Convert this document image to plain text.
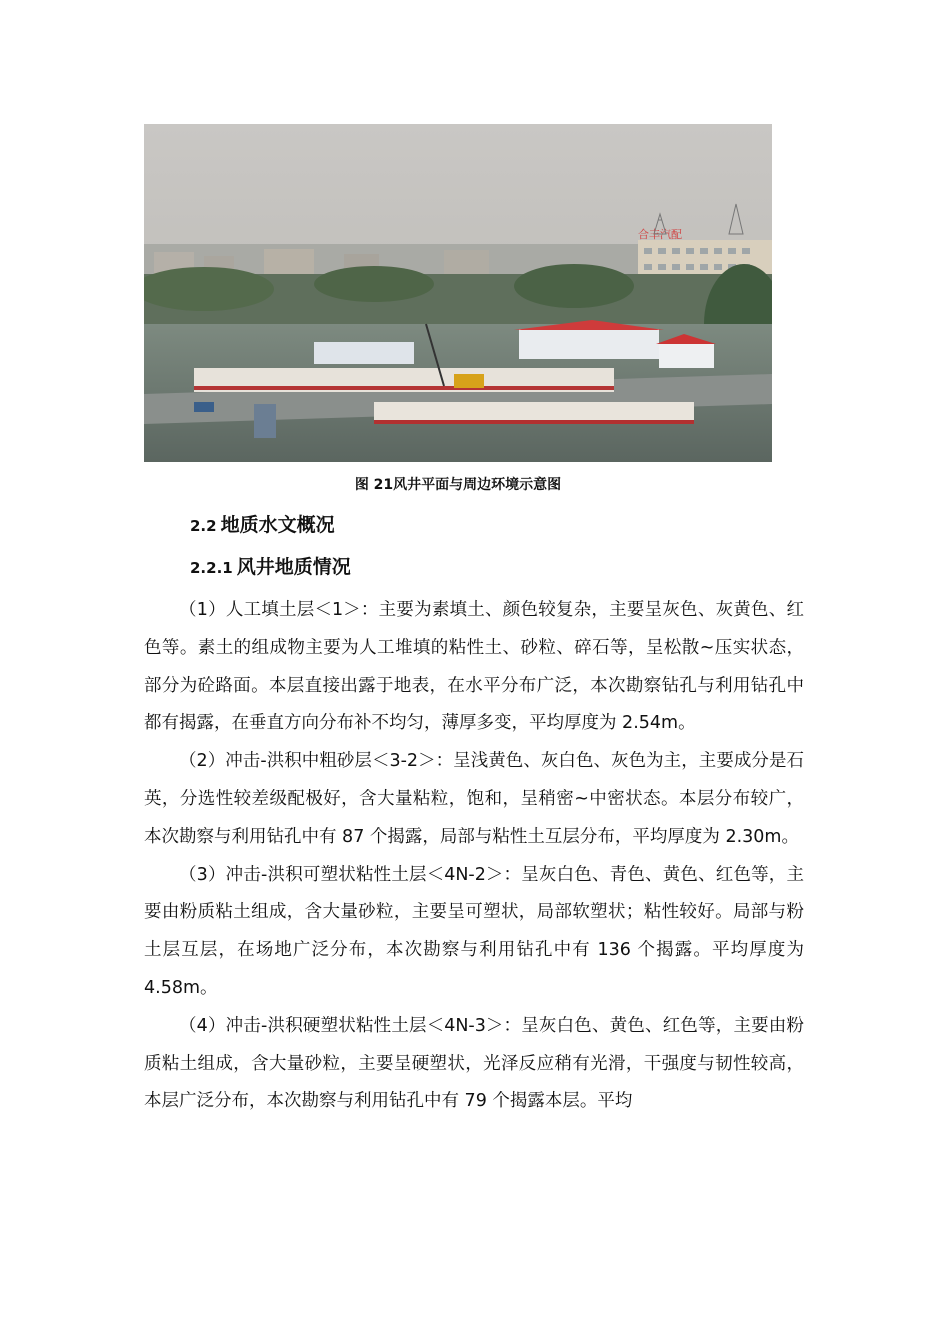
合丰汽配
图 21风井平面与周边环境示意图
2.2 地质水文概况
2.2.1 风井地质情况

（1）人工填土层＜1＞：主要为素填土、颜色较复杂，主要呈灰色、灰黄色、红色等。素土的组成物主要为人工堆填的粘性土、砂粒、碎石等，呈松散~压实状态，部分为砼路面。本层直接出露于地表，在水平分布广泛，本次勘察钻孔与利用钻孔中都有揭露，在垂直方向分布补不均匀，薄厚多变，平均厚度为 2.54m。

（2）冲击-洪积中粗砂层＜3-2＞：呈浅黄色、灰白色、灰色为主，主要成分是石英，分选性较差级配极好，含大量粘粒，饱和，呈稍密~中密状态。本层分布较广，本次勘察与利用钻孔中有 87 个揭露，局部与粘性土互层分布，平均厚度为 2.30m。

（3）冲击-洪积可塑状粘性土层＜4N-2＞：呈灰白色、青色、黄色、红色等，主要由粉质粘土组成，含大量砂粒，主要呈可塑状，局部软塑状；粘性较好。局部与粉土层互层，在场地广泛分布，本次勘察与利用钻孔中有 136 个揭露。平均厚度为 4.58m。

（4）冲击-洪积硬塑状粘性土层＜4N-3＞：呈灰白色、黄色、红色等，主要由粉质粘土组成，含大量砂粒，主要呈硬塑状，光泽反应稍有光滑，干强度与韧性较高，本层广泛分布，本次勘察与利用钻孔中有 79 个揭露本层。平均
